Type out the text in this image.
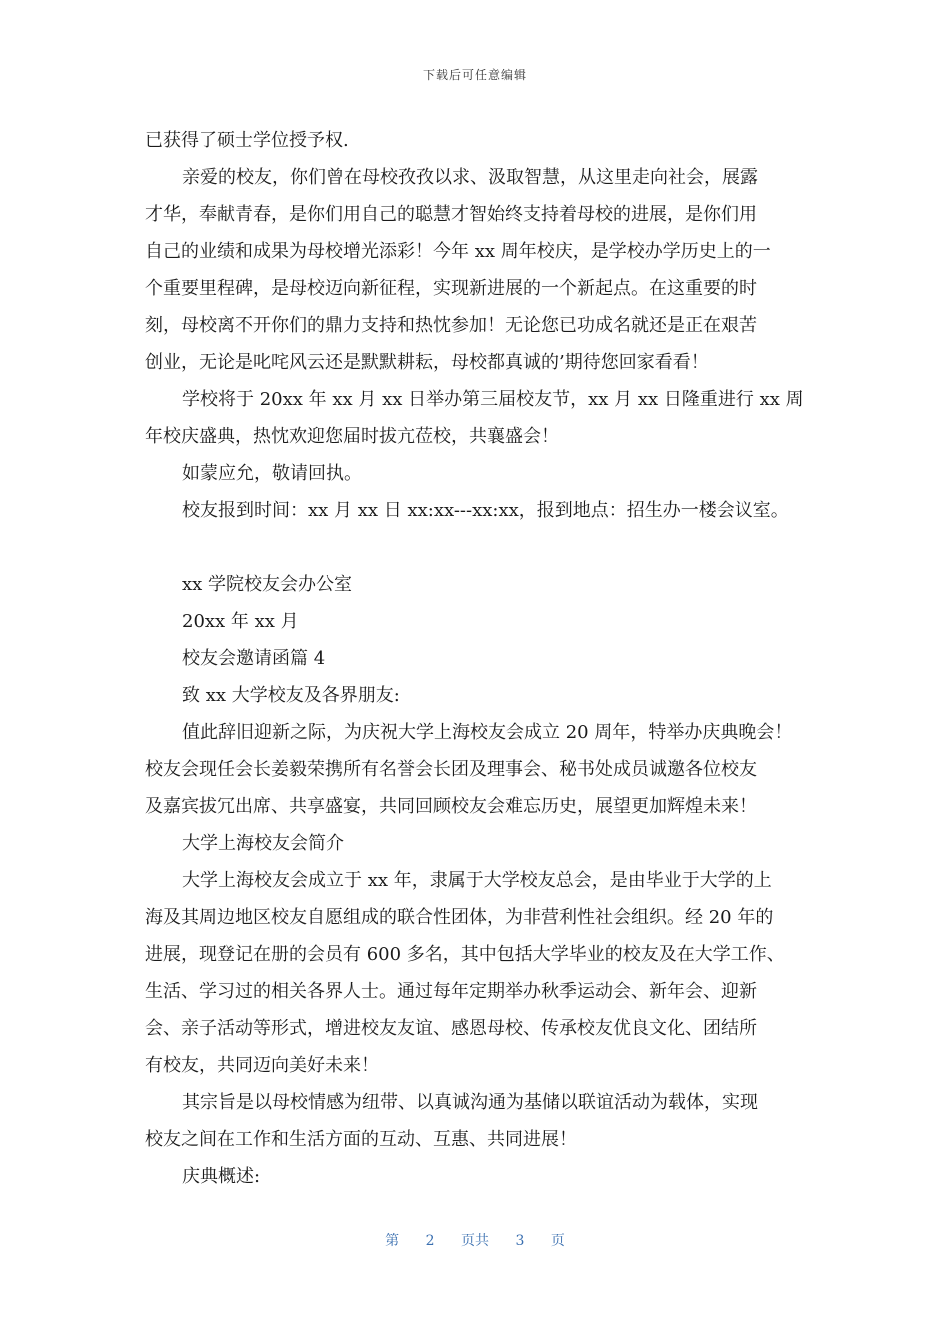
下载后可任意编辑
已获得了硕士学位授予权.
亲爱的校友，你们曾在母校孜孜以求、汲取智慧，从这里走向社会，展露
才华，奉献青春，是你们用自己的聪慧才智始终支持着母校的进展，是你们用
自己的业绩和成果为母校增光添彩！今年 xx 周年校庆，是学校办学历史上的一
个重要里程碑，是母校迈向新征程，实现新进展的一个新起点。在这重要的时
刻，母校离不开你们的鼎力支持和热忱参加！无论您已功成名就还是正在艰苦
创业，无论是叱咤风云还是默默耕耘，母校都真诚的’期待您回家看看！
学校将于 20xx 年 xx 月 xx 日举办第三届校友节，xx 月 xx 日隆重进行 xx 周
年校庆盛典，热忱欢迎您届时拔亢莅校，共襄盛会！
如蒙应允，敬请回执。
校友报到时间：xx 月 xx 日 xx:xx---xx:xx，报到地点：招生办一楼会议室。
xx 学院校友会办公室
20xx 年 xx 月
校友会邀请函篇 4
致 xx 大学校友及各界朋友:
值此辞旧迎新之际，为庆祝大学上海校友会成立 20 周年，特举办庆典晚会！
校友会现任会长姜毅荣携所有名誉会长团及理事会、秘书处成员诚邀各位校友
及嘉宾拔冗出席、共享盛宴，共同回顾校友会难忘历史，展望更加辉煌未来！
大学上海校友会简介
大学上海校友会成立于 xx 年，隶属于大学校友总会，是由毕业于大学的上
海及其周边地区校友自愿组成的联合性团体，为非营利性社会组织。经 20 年的
进展，现登记在册的会员有 600 多名，其中包括大学毕业的校友及在大学工作、
生活、学习过的相关各界人士。通过每年定期举办秋季运动会、新年会、迎新
会、亲子活动等形式，增进校友友谊、感恩母校、传承校友优良文化、团结所
有校友，共同迈向美好未来！
其宗旨是以母校情感为纽带、以真诚沟通为基储以联谊活动为载体，实现
校友之间在工作和生活方面的互动、互惠、共同进展！
庆典概述:
第 2 页共 3 页
